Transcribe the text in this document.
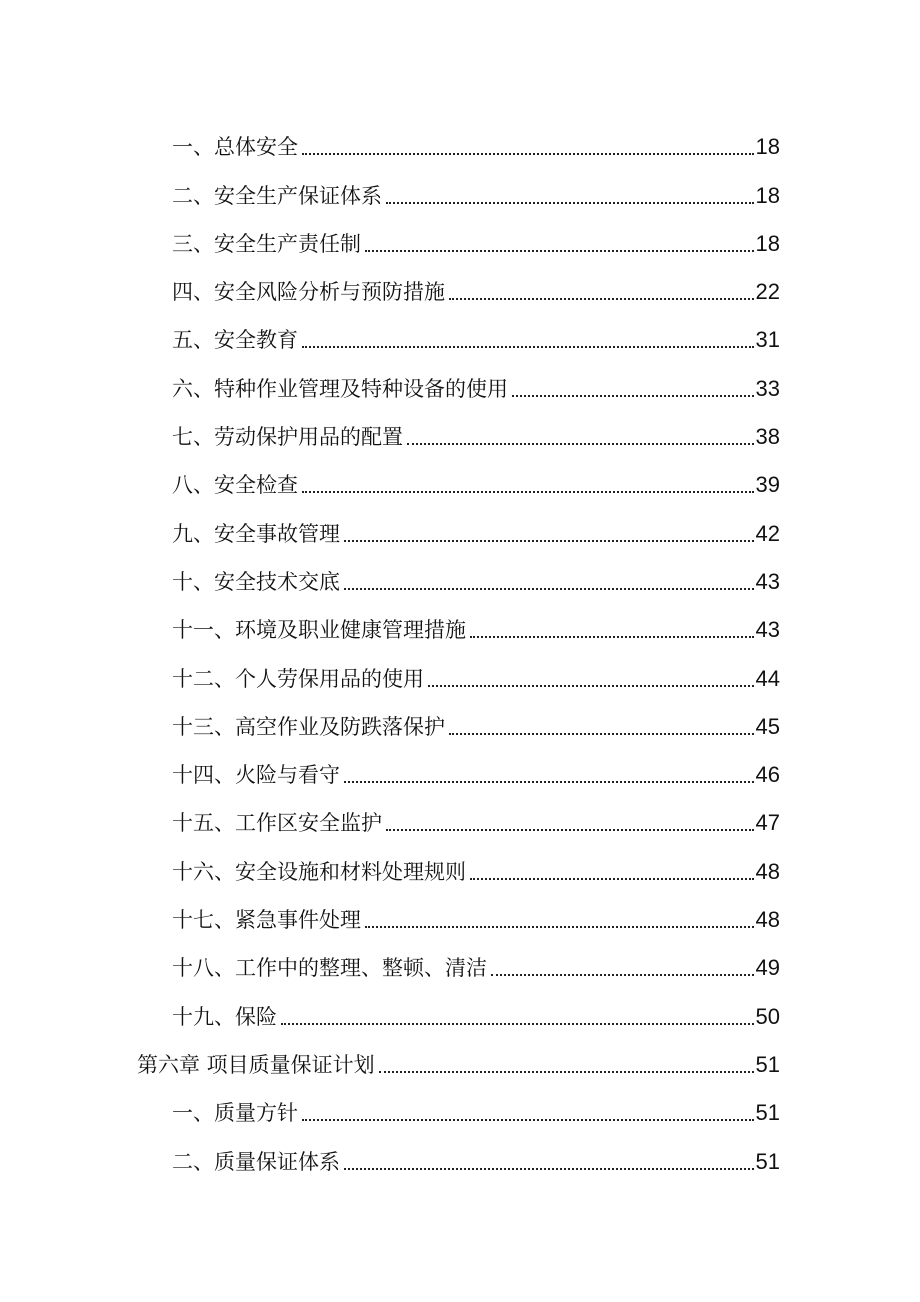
一、总体安全	18
二、安全生产保证体系	18
三、安全生产责任制	18
四、安全风险分析与预防措施	22
五、安全教育	31
六、特种作业管理及特种设备的使用	33
七、劳动保护用品的配置	38
八、安全检查	39
九、安全事故管理	42
十、安全技术交底	43
十一、环境及职业健康管理措施	43
十二、个人劳保用品的使用	44
十三、高空作业及防跌落保护	45
十四、火险与看守	46
十五、工作区安全监护	47
十六、安全设施和材料处理规则	48
十七、紧急事件处理	48
十八、工作中的整理、整顿、清洁	49
十九、保险	50
第六章 项目质量保证计划	51
一、质量方针	51
二、质量保证体系	51
